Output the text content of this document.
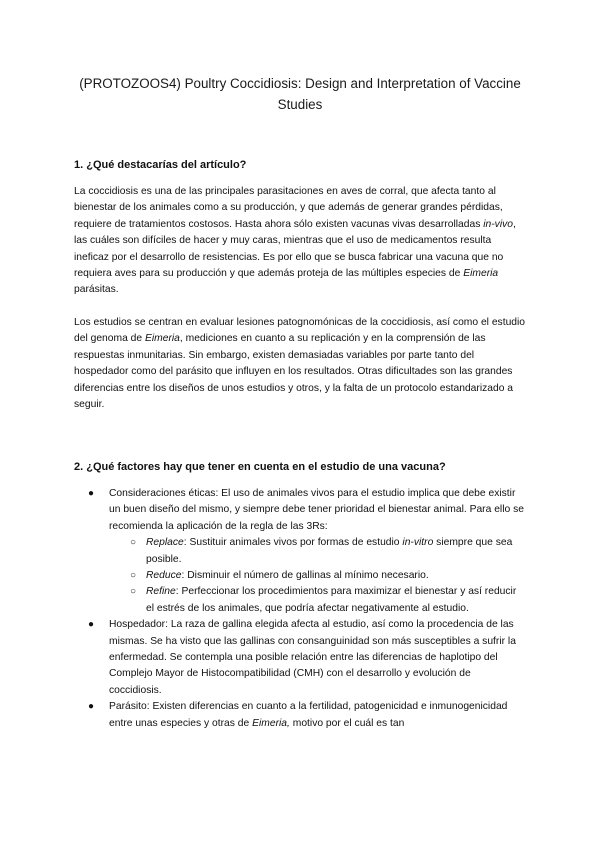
(PROTOZOOS4) Poultry Coccidiosis: Design and Interpretation of Vaccine Studies
1. ¿Qué destacarías del artículo?

La coccidiosis es una de las principales parasitaciones en aves de corral, que afecta tanto al bienestar de los animales como a su producción, y que además de generar grandes pérdidas, requiere de tratamientos costosos. Hasta ahora sólo existen vacunas vivas desarrolladas in-vivo, las cuáles son difíciles de hacer y muy caras, mientras que el uso de medicamentos resulta ineficaz por el desarrollo de resistencias. Es por ello que se busca fabricar una vacuna que no requiera aves para su producción y que además proteja de las múltiples especies de Eimeria parásitas.

Los estudios se centran en evaluar lesiones patognomónicas de la coccidiosis, así como el estudio del genoma de Eimeria, mediciones en cuanto a su replicación y en la comprensión de las respuestas inmunitarias. Sin embargo, existen demasiadas variables por parte tanto del hospedador como del parásito que influyen en los resultados. Otras dificultades son las grandes diferencias entre los diseños de unos estudios y otros, y la falta de un protocolo estandarizado a seguir.

2. ¿Qué factores hay que tener en cuenta en el estudio de una vacuna?
● Consideraciones éticas: El uso de animales vivos para el estudio implica que debe existir un buen diseño del mismo, y siempre debe tener prioridad el bienestar animal. Para ello se recomienda la aplicación de la regla de las 3Rs:
○ Replace: Sustituir animales vivos por formas de estudio in-vitro siempre que sea posible.
○ Reduce: Disminuir el número de gallinas al mínimo necesario.
○ Refine: Perfeccionar los procedimientos para maximizar el bienestar y así reducir el estrés de los animales, que podría afectar negativamente al estudio.
● Hospedador: La raza de gallina elegida afecta al estudio, así como la procedencia de las mismas. Se ha visto que las gallinas con consanguinidad son más susceptibles a sufrir la enfermedad. Se contempla una posible relación entre las diferencias de haplotipo del Complejo Mayor de Histocompatibilidad (CMH) con el desarrollo y evolución de coccidiosis.
● Parásito: Existen diferencias en cuanto a la fertilidad, patogenicidad e inmunogenicidad entre unas especies y otras de Eimeria, motivo por el cuál es tan
